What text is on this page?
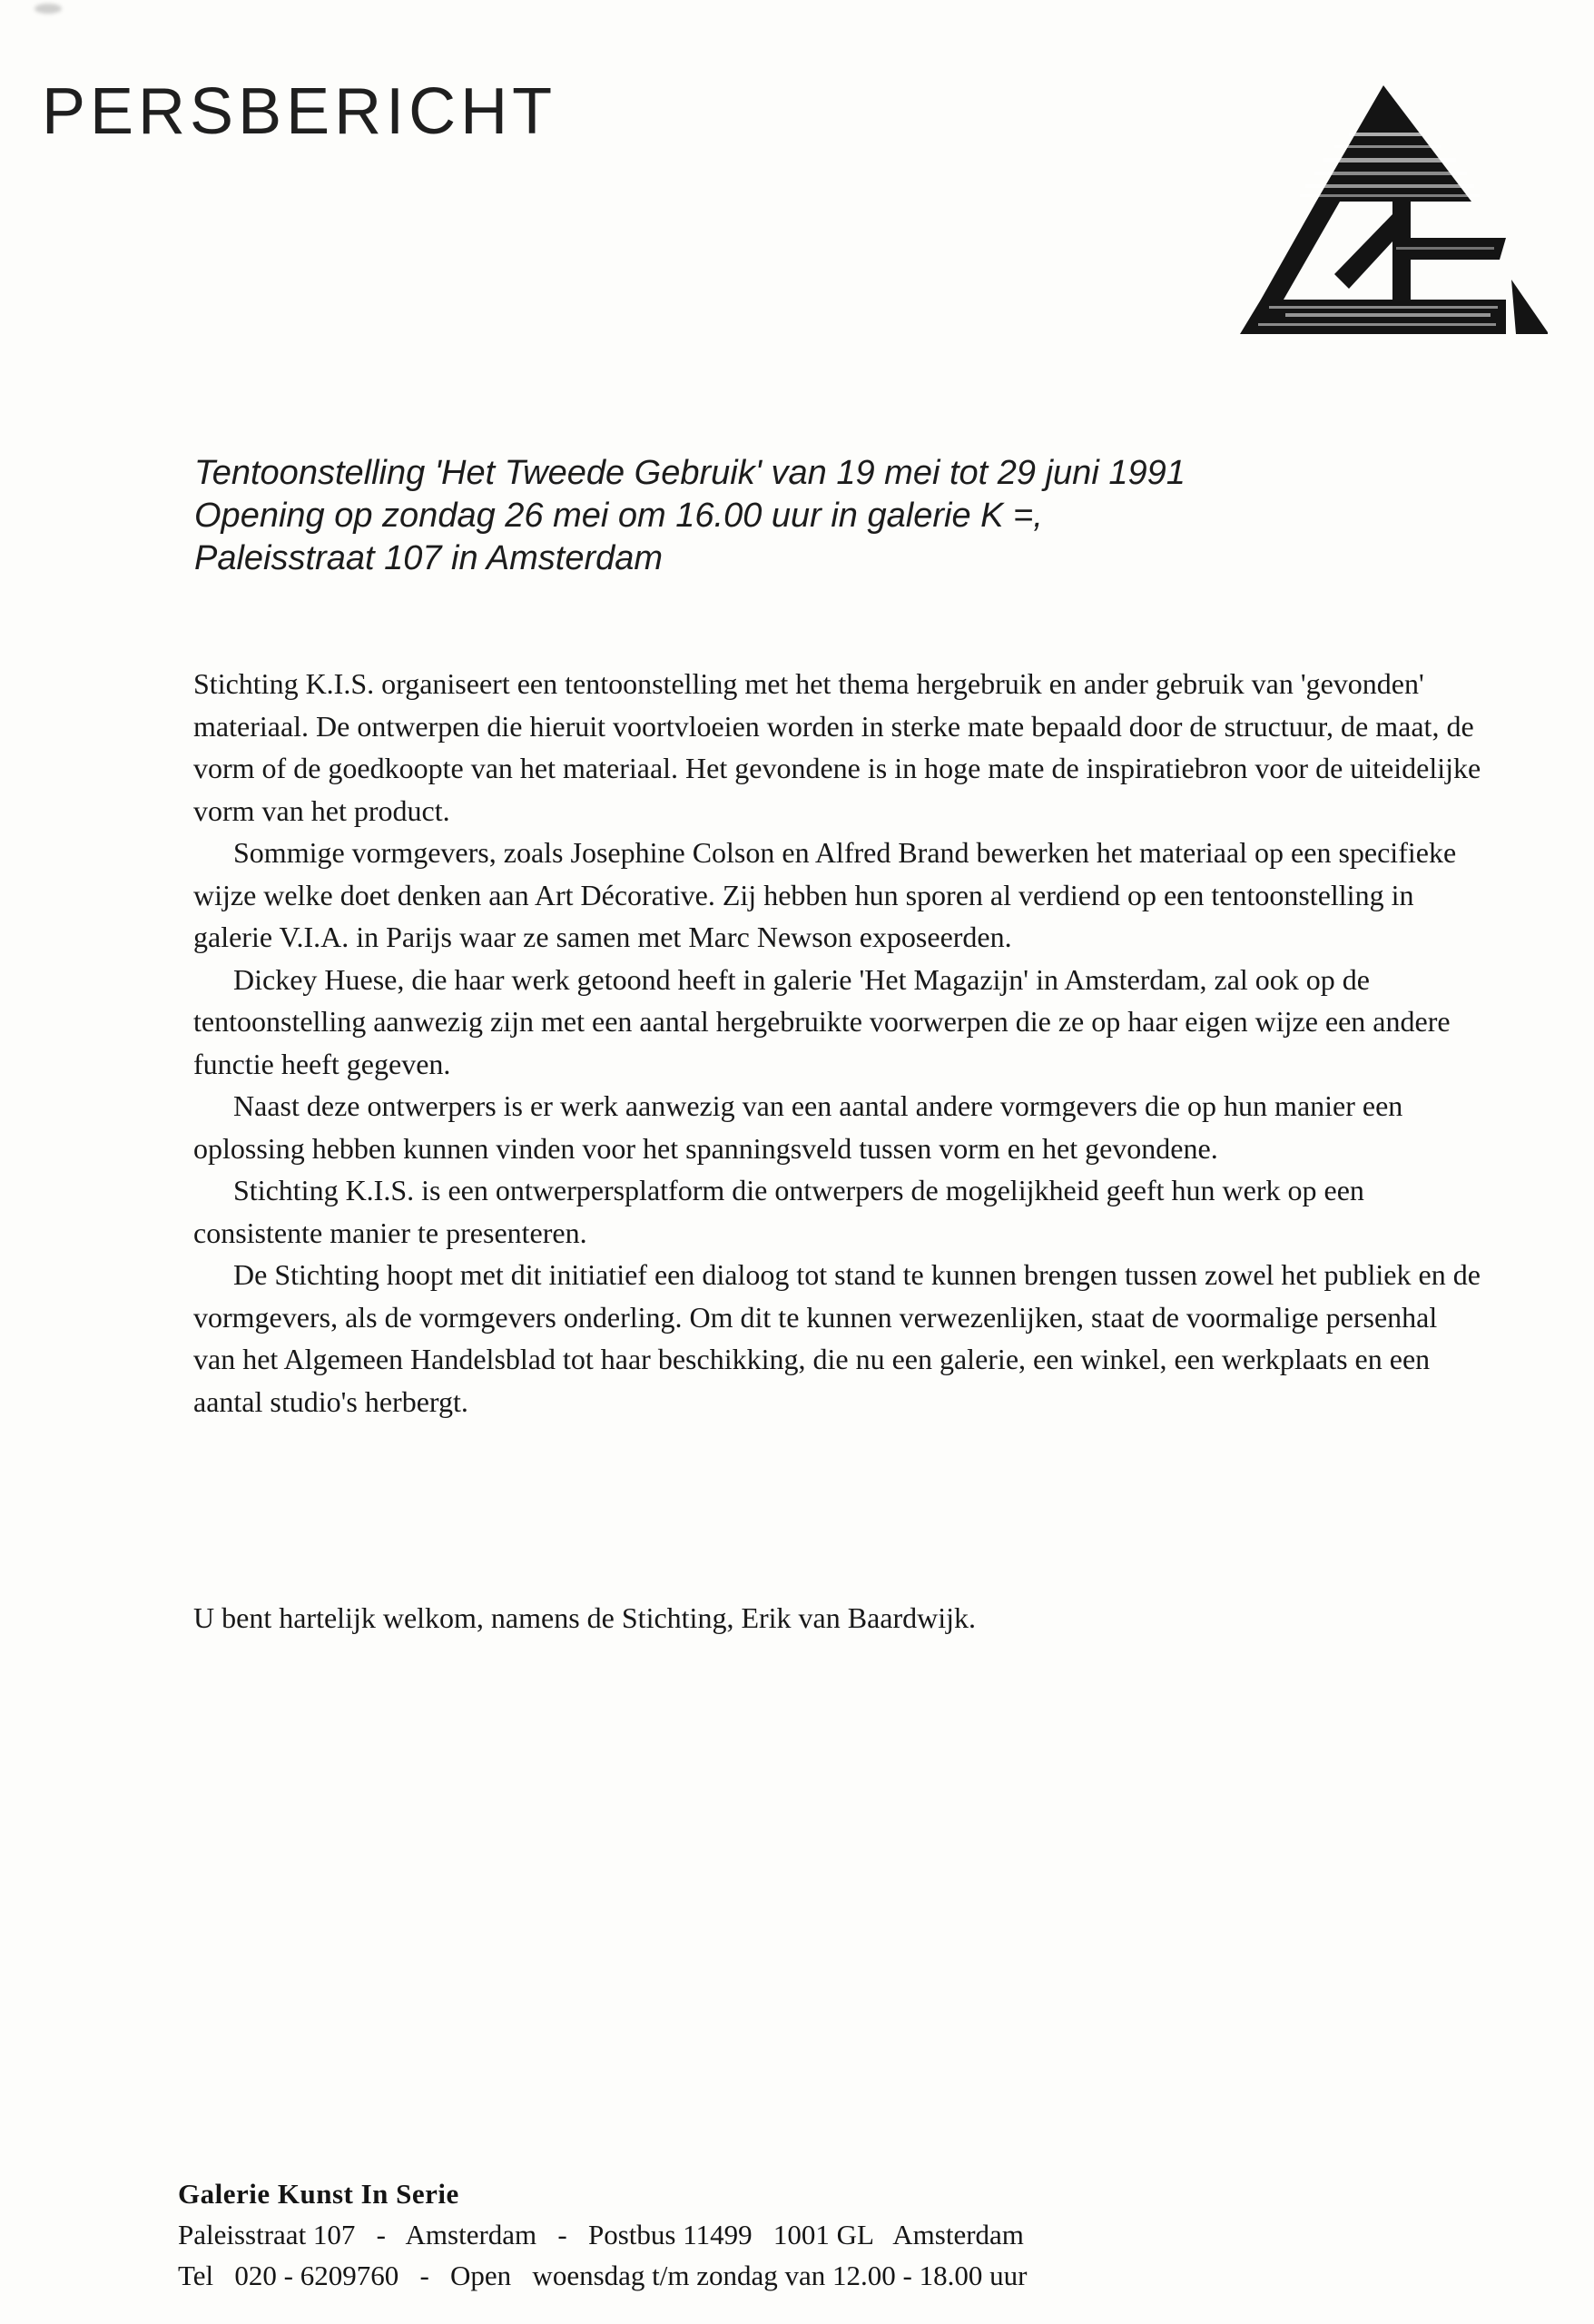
PERSBERICHT
Tentoonstelling 'Het Tweede Gebruik' van 19 mei tot 29 juni 1991
Opening op zondag 26 mei om 16.00 uur in galerie K =,
Paleisstraat 107 in Amsterdam

Stichting K.I.S. organiseert een tentoonstelling met het thema hergebruik en ander gebruik van 'gevonden' materiaal. De ontwerpen die hieruit voortvloeien worden in sterke mate bepaald door de structuur, de maat, de vorm of de goedkoopte van het materiaal. Het gevondene is in hoge mate de inspiratiebron voor de uiteidelijke vorm van het product.

Sommige vormgevers, zoals Josephine Colson en Alfred Brand bewerken het materiaal op een specifieke wijze welke doet denken aan Art Décorative. Zij hebben hun sporen al verdiend op een tentoonstelling in galerie V.I.A. in Parijs waar ze samen met Marc Newson exposeerden.

Dickey Huese, die haar werk getoond heeft in galerie 'Het Magazijn' in Amsterdam, zal ook op de tentoonstelling aanwezig zijn met een aantal hergebruikte voorwerpen die ze op haar eigen wijze een andere functie heeft gegeven.

Naast deze ontwerpers is er werk aanwezig van een aantal andere vormgevers die op hun manier een oplossing hebben kunnen vinden voor het spanningsveld tussen vorm en het gevondene.

Stichting K.I.S. is een ontwerpersplatform die ontwerpers de mogelijkheid geeft hun werk op een consistente manier te presenteren.

De Stichting hoopt met dit initiatief een dialoog tot stand te kunnen brengen tussen zowel het publiek en de vormgevers, als de vormgevers onderling. Om dit te kunnen verwezenlijken, staat de voormalige persenhal van het Algemeen Handelsblad tot haar beschikking, die nu een galerie, een winkel, een werkplaats en een aantal studio's herbergt.

U bent hartelijk welkom, namens de Stichting, Erik van Baardwijk.
Galerie Kunst In Serie
Paleisstraat 107   -   Amsterdam   -   Postbus 11499   1001 GL   Amsterdam
Tel   020 - 6209760   -   Open   woensdag t/m zondag van 12.00 - 18.00 uur
